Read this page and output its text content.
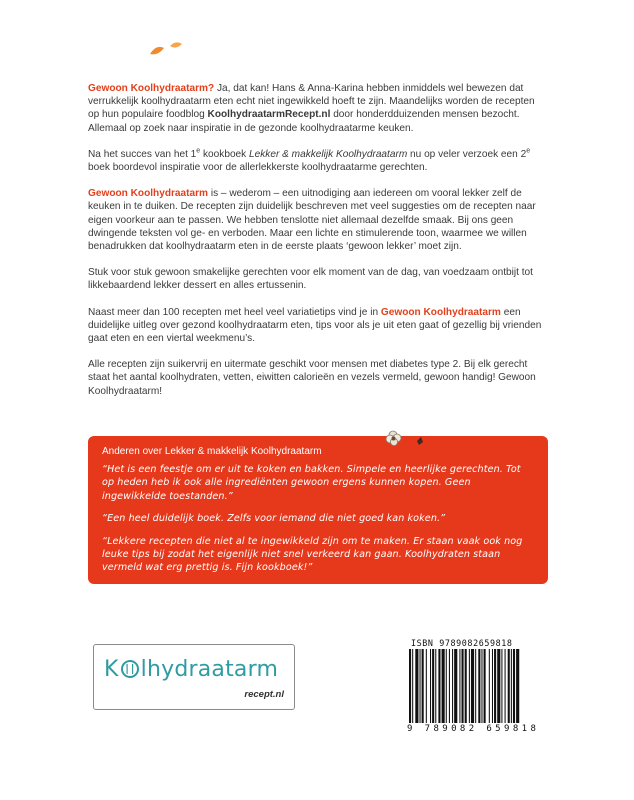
Gewoon Koolhydraatarm? Ja, dat kan! Hans & Anna-Karina hebben inmiddels wel bewezen dat verrukkelijk koolhydraatarm eten echt niet ingewikkeld hoeft te zijn. Maandelijks worden de recepten op hun populaire foodblog KoolhydraatarmRecept.nl door honderdduizenden mensen bezocht. Allemaal op zoek naar inspiratie in de gezonde koolhydraatarme keuken.

Na het succes van het 1e kookboek Lekker & makkelijk Koolhydraatarm nu op veler verzoek een 2e boek boordevol inspiratie voor de allerlekkerste koolhydraatarme gerechten.

Gewoon Koolhydraatarm is – wederom – een uitnodiging aan iedereen om vooral lekker zelf de keuken in te duiken. De recepten zijn duidelijk beschreven met veel suggesties om de recepten naar eigen voorkeur aan te passen. We hebben tenslotte niet allemaal dezelfde smaak. Bij ons geen dwingende teksten vol ge- en verboden. Maar een lichte en stimulerende toon, waarmee we willen benadrukken dat koolhydraatarm eten in de eerste plaats ‘gewoon lekker’ moet zijn.

Stuk voor stuk gewoon smakelijke gerechten voor elk moment van de dag, van voedzaam ontbijt tot likkebaardend lekker dessert en alles ertussenin.

Naast meer dan 100 recepten met heel veel variatietips vind je in Gewoon Koolhydraatarm een duidelijke uitleg over gezond koolhydraatarm eten, tips voor als je uit eten gaat of gezellig bij vrienden gaat eten en een viertal weekmenu’s.

Alle recepten zijn suikervrij en uitermate geschikt voor mensen met diabetes type 2. Bij elk gerecht staat het aantal koolhydraten, vetten, eiwitten calorieën en vezels vermeld, gewoon handig! Gewoon Koolhydraatarm!

Anderen over Lekker & makkelijk Koolhydraatarm

“Het is een feestje om er uit te koken en bakken. Simpele en heerlijke gerechten. Tot op heden heb ik ook alle ingrediënten gewoon ergens kunnen kopen. Geen ingewikkelde toestanden.”

“Een heel duidelijk boek. Zelfs voor iemand die niet goed kan koken.”

“Lekkere recepten die niet al te ingewikkeld zijn om te maken. Er staan vaak ook nog leuke tips bij zodat het eigenlijk niet snel verkeerd kan gaan. Koolhydraten staan vermeld wat erg prettig is. Fijn kookboek!”

K lhydraatarm
recept.nl
ISBN 9789082659818
9 789082 659818
